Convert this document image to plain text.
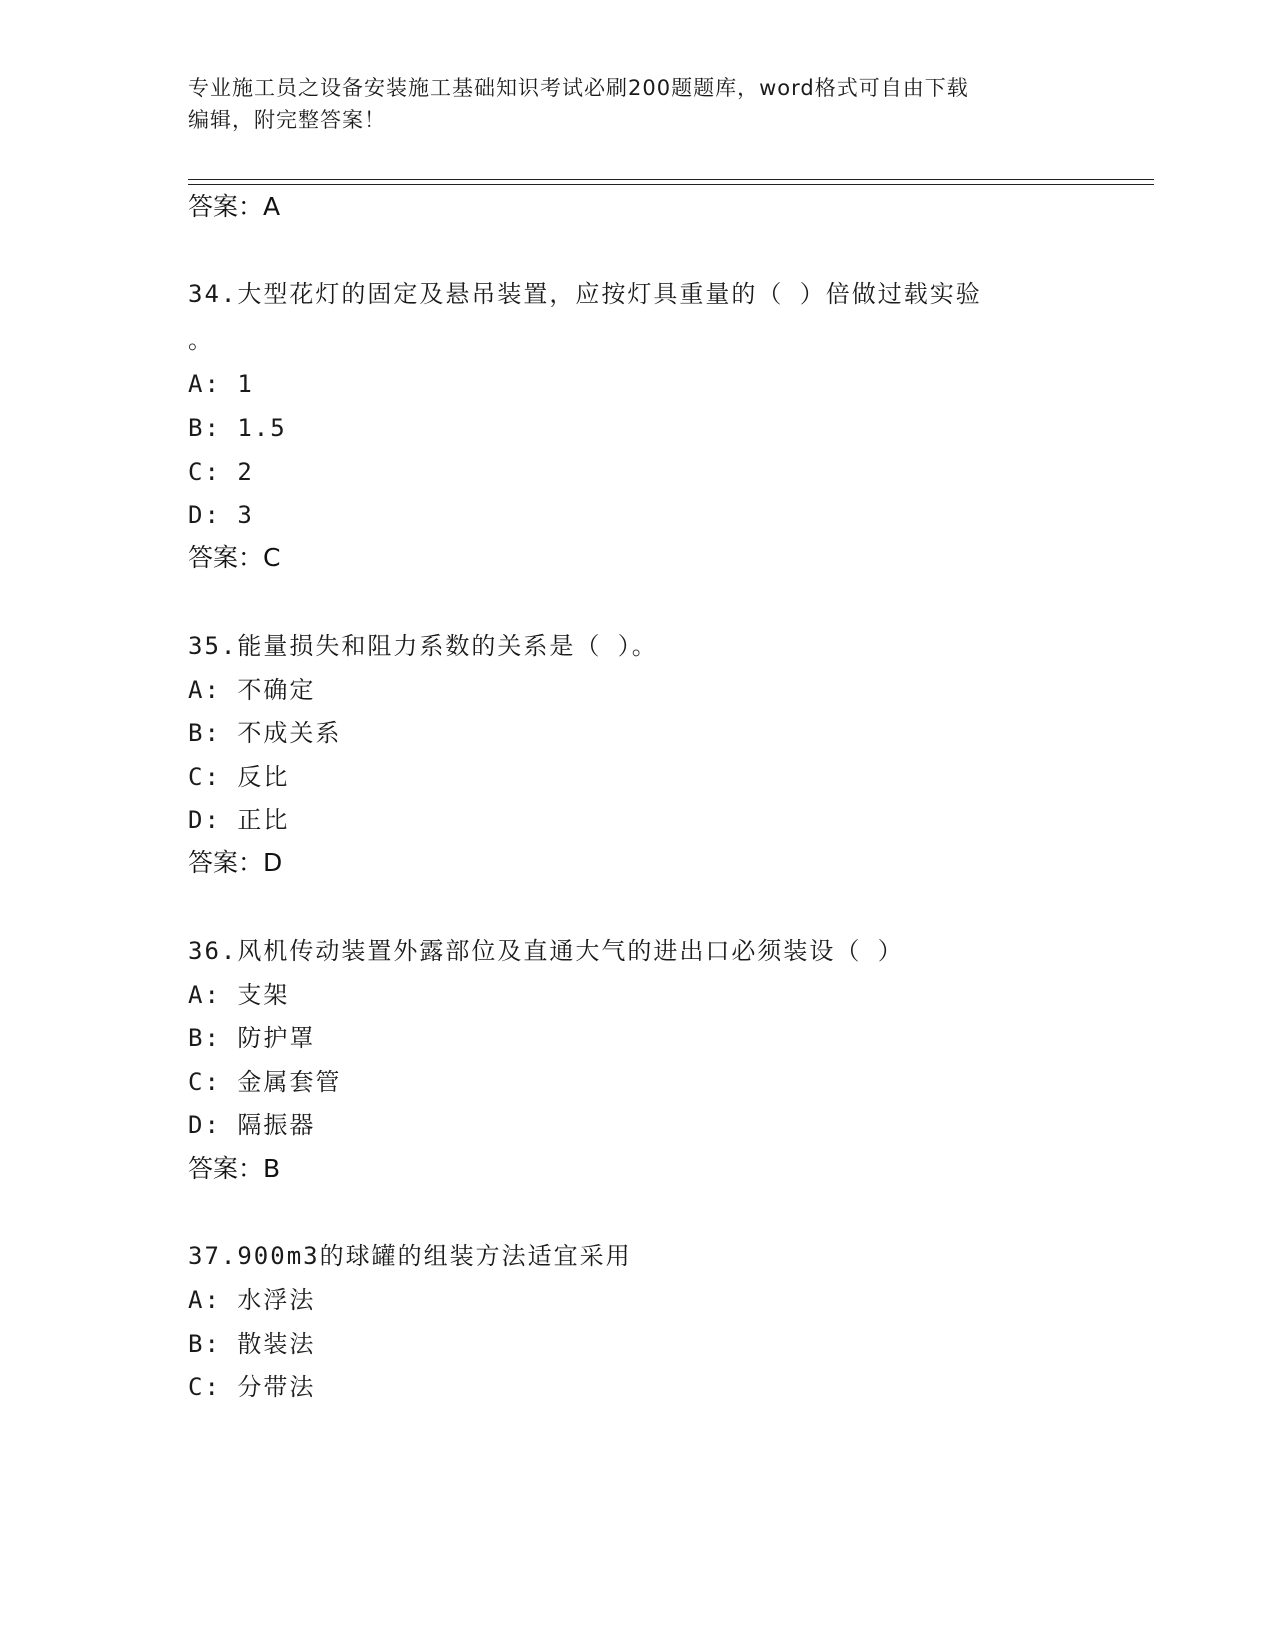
专业施工员之设备安装施工基础知识考试必刷200题题库，word格式可自由下载
编辑，附完整答案！
答案：A
34.大型花灯的固定及悬吊装置，应按灯具重量的（ ）倍做过载实验
。
A: 1
B: 1.5
C: 2
D: 3
答案：C
35.能量损失和阻力系数的关系是（ ）。
A: 不确定
B: 不成关系
C: 反比
D: 正比
答案：D
36.风机传动装置外露部位及直通大气的进出口必须装设（ ）
A: 支架
B: 防护罩
C: 金属套管
D: 隔振器
答案：B
37.900m3的球罐的组装方法适宜采用
A: 水浮法
B: 散装法
C: 分带法
